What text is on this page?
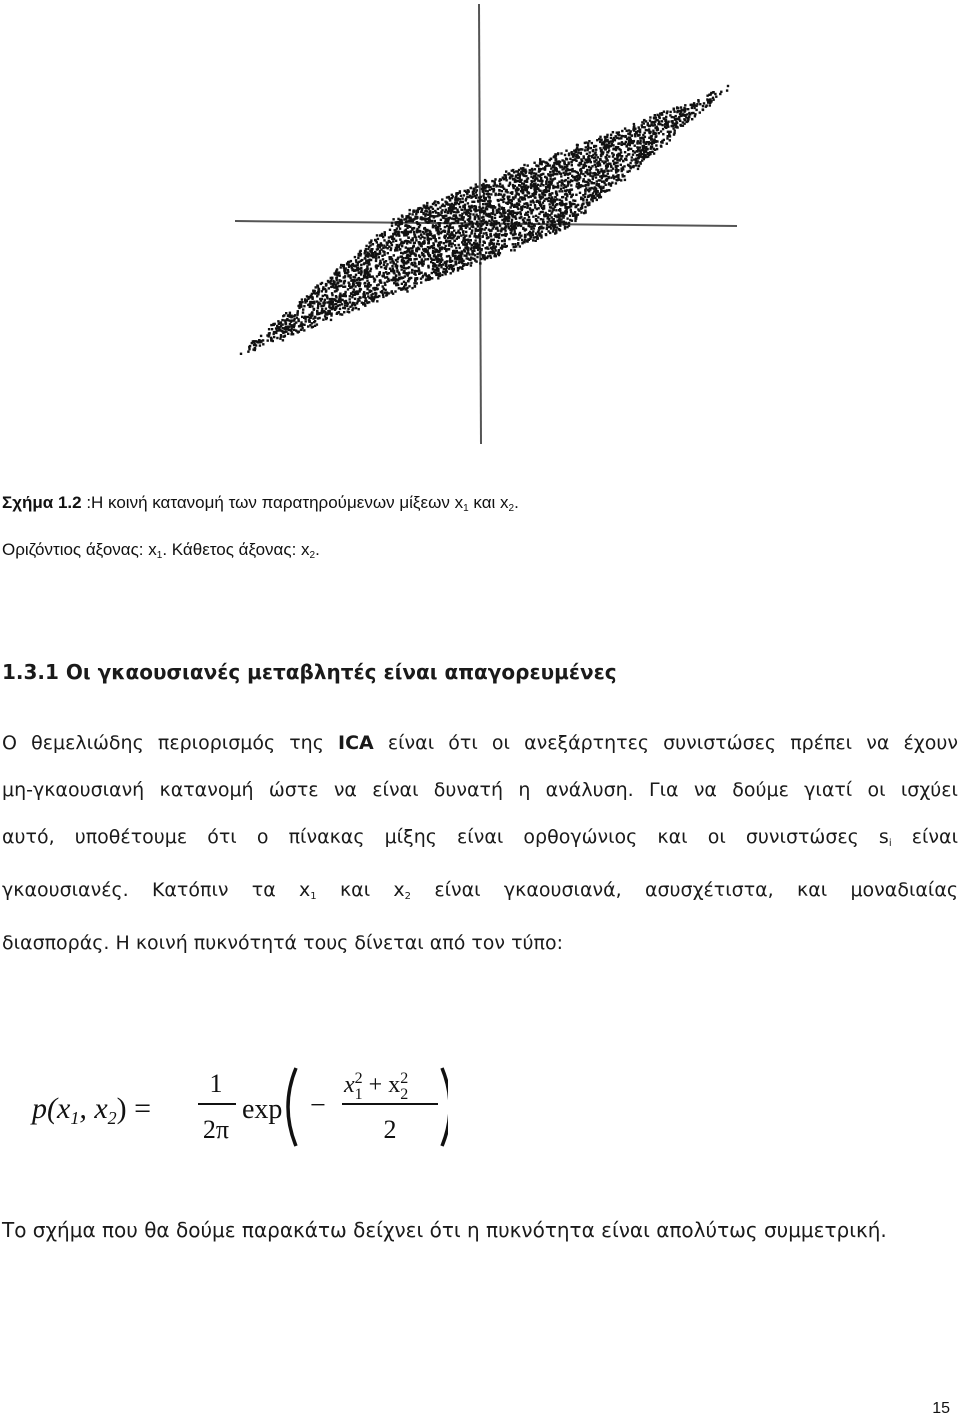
Σχήμα 1.2 :Η κοινή κατανομή των παρατηρούμενων μίξεων $x_1$ και $x_2$.
Οριζόντιος άξονας: $x_1$. Κάθετος άξονας: $x_2$.
1.3.1 Οι γκαουσιανές μεταβλητές είναι απαγορευμένες
Ο θεμελιώδης περιορισμός της ICA είναι ότι οι ανεξάρτητες συνιστώσες πρέπει να έχουν
μη-γκαουσιανή κατανομή ώστε να είναι δυνατή η ανάλυση. Για να δούμε γιατί οι ισχύει
αυτό, υποθέτουμε ότι ο πίνακας μίξης είναι ορθογώνιος και οι συνιστώσες $s_i$ είναι
γκαουσιανές. Κατόπιν τα $x_1$ και $x_2$ είναι γκαουσιανά, ασυσχέτιστα, και μοναδιαίας
διασποράς. Η κοινή πυκνότητά τους δίνεται από τον τύπο:
$p(x_1$, $x_2$) =
1
2π
exp −
$x_12 + x_22$
2
Το σχήμα που θα δούμε παρακάτω δείχνει ότι η πυκνότητα είναι απολύτως συμμετρική.
15
